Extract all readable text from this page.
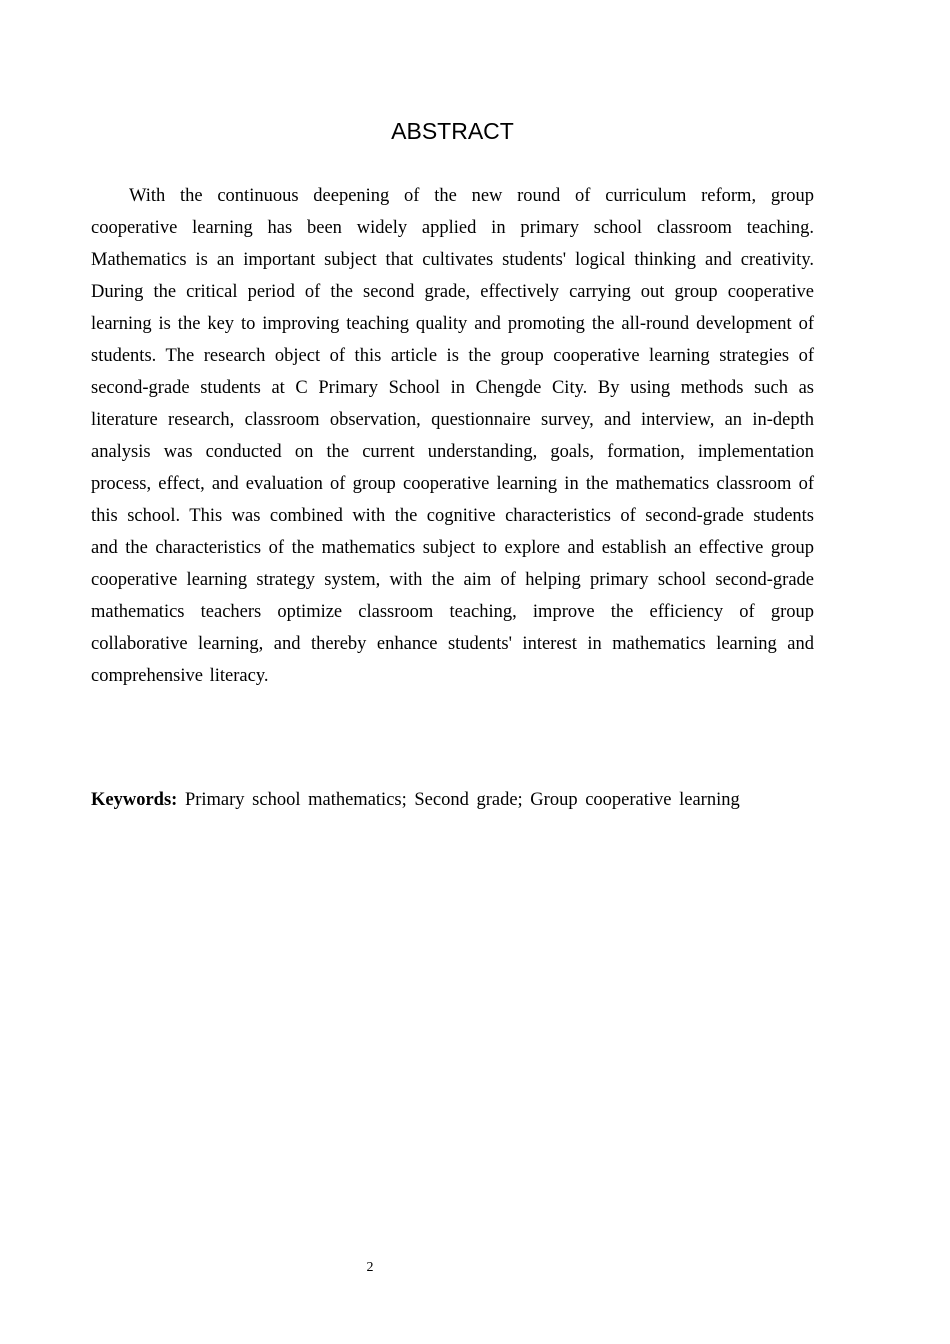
ABSTRACT

With the continuous deepening of the new round of curriculum reform, group cooperative learning has been widely applied in primary school classroom teaching. Mathematics is an important subject that cultivates students' logical thinking and creativity. During the critical period of the second grade, effectively carrying out group cooperative learning is the key to improving teaching quality and promoting the all-round development of students. The research object of this article is the group cooperative learning strategies of second-grade students at C Primary School in Chengde City. By using methods such as literature research, classroom observation, questionnaire survey, and interview, an in-depth analysis was conducted on the current understanding, goals, formation, implementation process, effect, and evaluation of group cooperative learning in the mathematics classroom of this school. This was combined with the cognitive characteristics of second-grade students and the characteristics of the mathematics subject to explore and establish an effective group cooperative learning strategy system, with the aim of helping primary school second-grade mathematics teachers optimize classroom teaching, improve the efficiency of group collaborative learning, and thereby enhance students' interest in mathematics learning and comprehensive literacy.

Keywords: Primary school mathematics; Second grade; Group cooperative learning

2
